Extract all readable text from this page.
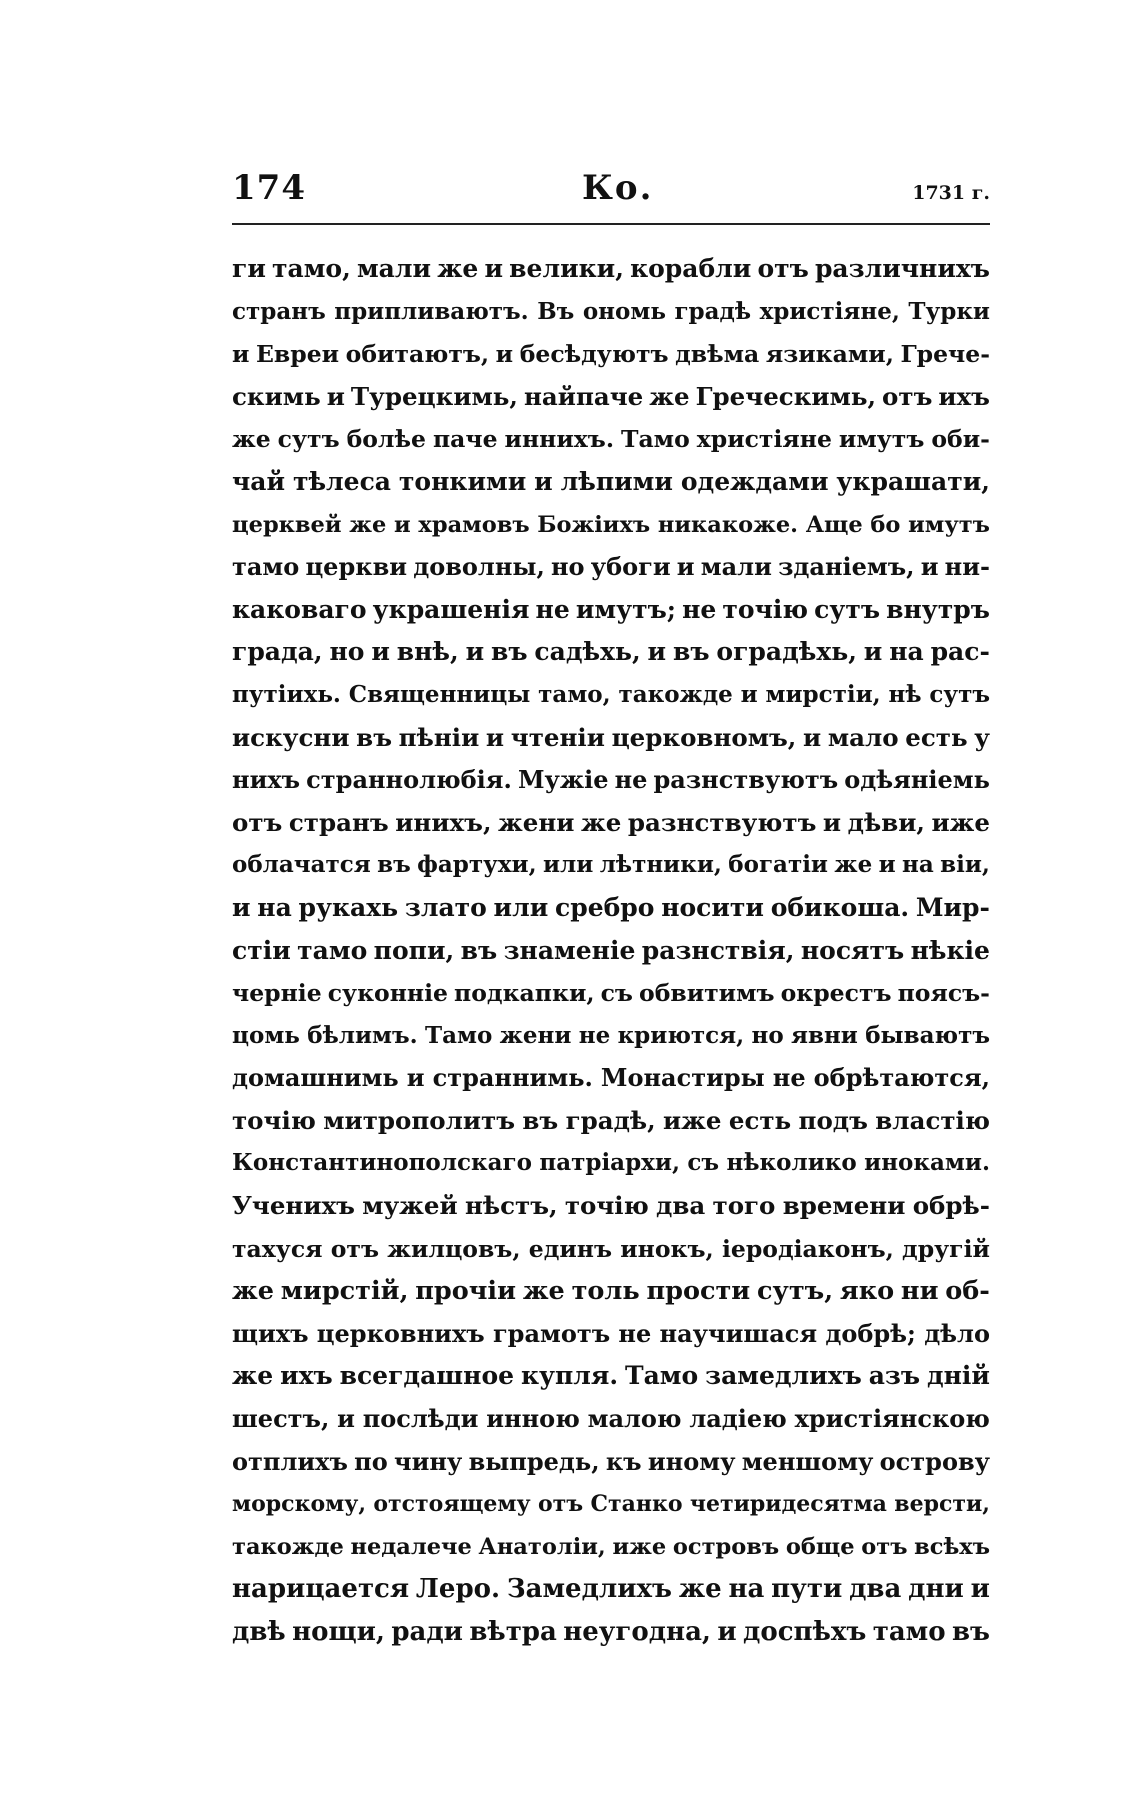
174	Ко.	1731 г.
ги тамо, мали же и велики, корабли отъ различнихъ
странъ припливаютъ. Въ ономь градѣ христіяне, Турки
и Евреи обитаютъ, и бесѣдуютъ двѣма язиками, Грече-
скимь и Турецкимь, найпаче же Греческимь, отъ ихъ
же сутъ болѣе паче инниxъ. Тамо христіяне имутъ оби-
чай тѣлеса тонкими и лѣпими одеждами украшати,
церквей же и храмовъ Божіихъ никакоже. Аще бо имутъ
тамо церкви доволны, но убоги и мали зданіемъ, и ни-
каковаго украшенія не имутъ; не точію сутъ внутръ
града, но и внѣ, и въ садѣхь, и въ оградѣхь, и на рас-
путіихь. Священницы тамо, такожде и мирстіи, нѣ сутъ
искусни въ пѣніи и чтеніи церковномъ, и мало есть у
нихъ страннолюбія. Мужіе не разнствуютъ одѣяніемь
отъ странъ иниxъ, жени же разнствуютъ и дѣви, иже
облачатся въ фартухи, или лѣтники, богатіи же и на віи,
и на рукахь злато или сребро носити обикоша. Мир-
стіи тамо попи, въ знаменіе разнствія, носятъ нѣкіе
черніе суконніе подкапки, съ обвитимъ окрестъ поясъ-
цомь бѣлимъ. Тамо жени не криются, но явни бываютъ
домашнимь и страннимь. Монастиры не обрѣтаются,
точію митрополитъ въ градѣ, иже есть подъ властію
Константинополскаго патріархи, съ нѣколико иноками.
Учениxъ мужей нѣстъ, точію два того времени обрѣ-
тахуся отъ жилцовъ, единъ инокъ, іеродіаконъ, другій
же мирстій, прочіи же толь прости сутъ, яко ни об-
щихъ церковниxъ грамотъ не научишася добрѣ; дѣло
же ихъ всегдашное купля. Тамо замедлиxъ азъ дній
шестъ, и послѣди инною малою ладіею христіянскою
отплиxъ по чину выпредь, къ иному меншому острову
морскому, отстоящему отъ Станко четиридесятма версти,
такожде недалече Анатоліи, иже островъ обще отъ всѣхъ
нарицается Леро. Замедлиxъ же на пути два дни и
двѣ нощи, ради вѣтра неугодна, и доспѣхъ тамо въ
